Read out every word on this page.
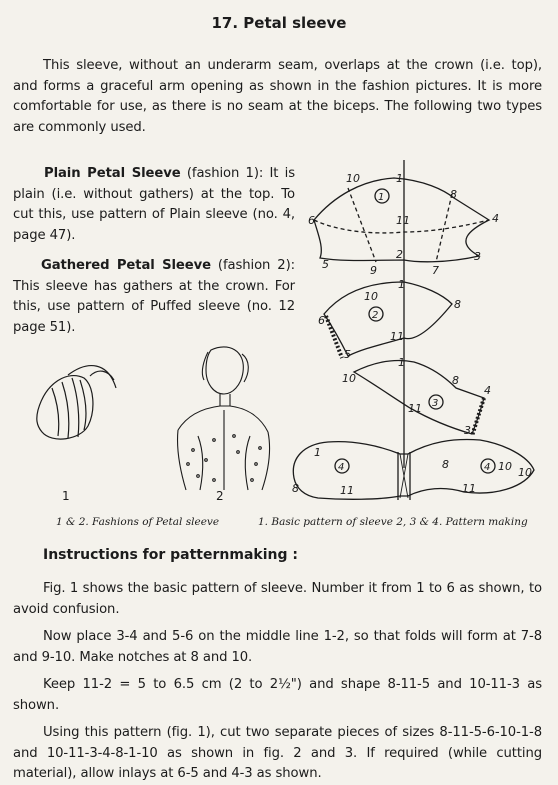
17. Petal sleeve
This sleeve, without an underarm seam, overlaps at the crown (i.e. top), and forms a graceful arm opening as shown in the fashion pictures. It is more comfortable for use, as there is no seam at the biceps. The following two types are commonly used.
Plain Petal Sleeve (fashion 1): It is plain (i.e. without gathers) at the top. To cut this, use pattern of Plain sleeve (no. 4, page 47).
Gathered Petal Sleeve (fashion 2): This sleeve has gathers at the crown. For this, use pattern of Puffed sleeve (no. 12 page 51).
1	2
10	1
8
6	4
11
2
5	9	7
3
1
1
10
8
6
5
11
2
1
10	8
4
11
3
3
1
8	11
10
8
11
10
4	4
1 & 2. Fashions of Petal sleeve	1. Basic pattern of sleeve 2, 3 & 4. Pattern making
Instructions for patternmaking :
Fig. 1 shows the basic pattern of sleeve. Number it from 1 to 6 as shown, to avoid confusion.
Now place 3-4 and 5-6 on the middle line 1-2, so that folds will form at 7-8 and 9-10. Make notches at 8 and 10.
Keep 11-2 = 5 to 6.5 cm (2 to 2½") and shape 8-11-5 and 10-11-3 as shown.
Using this pattern (fig. 1), cut two separate pieces of sizes 8-11-5-6-10-1-8 and 10-11-3-4-8-1-10 as shown in fig. 2 and 3. If required (while cutting material), allow inlays at 6-5 and 4-3 as shown.
